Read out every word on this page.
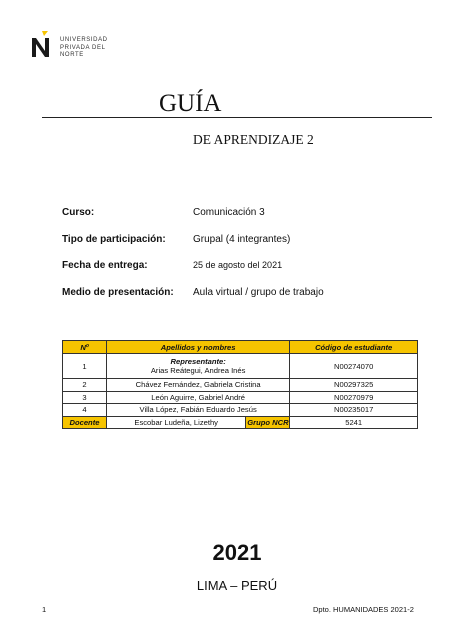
UNIVERSIDAD
PRIVADA DEL NORTE
GUÍA
DE APRENDIZAJE 2
Curso:	Comunicación 3
Tipo de participación:	Grupal (4 integrantes)
Fecha de entrega:	25 de agosto del 2021
Medio de presentación: Aula virtual / grupo de trabajo
Nº	Apellidos y nombres		Código de estudiante
1	Representante:
Arias Reátegui, Andrea Inés		N00274070
2	Chávez Fernández, Gabriela Cristina		N00297325
3	León Aguirre, Gabriel André		N00270979
4	Villa López, Fabián Eduardo Jesús		N00235017
Docente	Escobar Ludeña, Lizethy	Grupo NCR	5241
2021
LIMA – PERÚ
1	Dpto. HUMANIDADES 2021-2
